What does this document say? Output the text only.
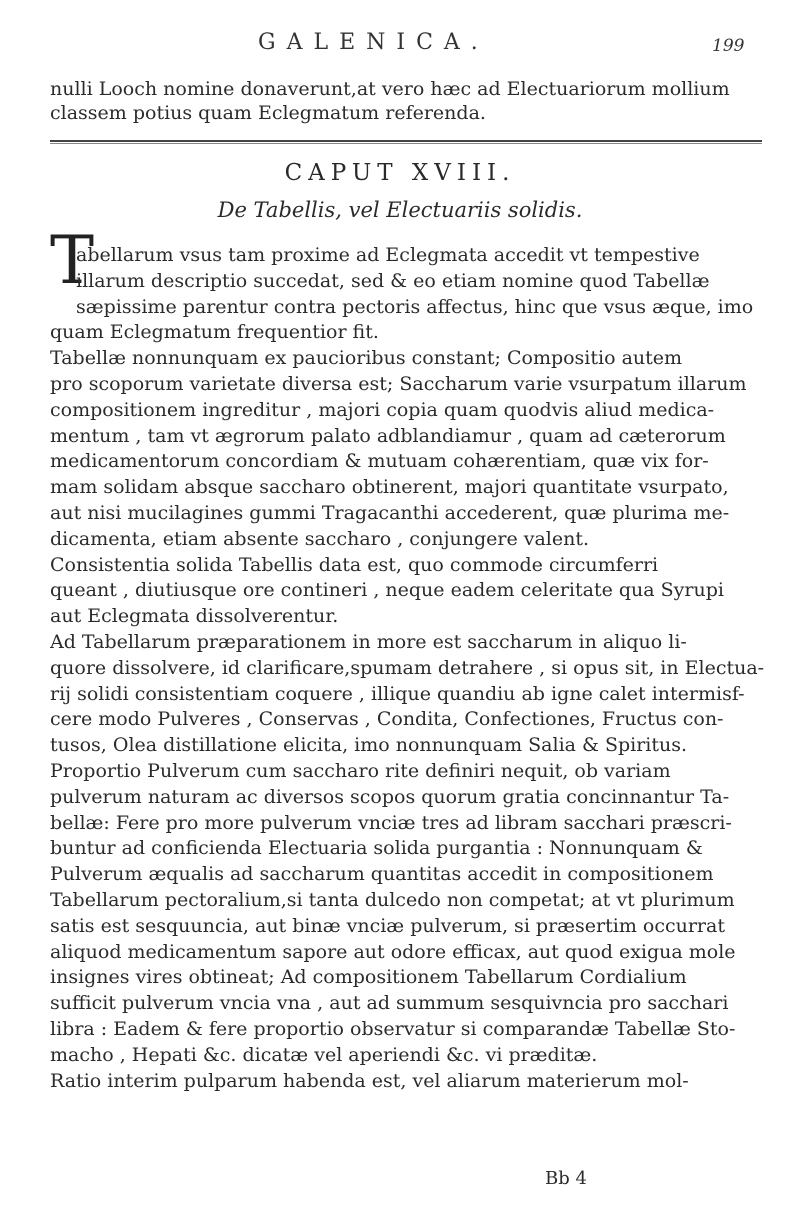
GALENICA.	199
nulli Looch nomine donaverunt,at vero hæc ad Electuariorum mollium
classem potius quam Eclegmatum referenda.
CAPUT XVIII.
De Tabellis, vel Electuariis solidis.
T
abellarum vsus tam proxime ad Eclegmata accedit vt tempestive
illarum descriptio succedat, sed & eo etiam nomine quod Tabellæ
sæpissime parentur contra pectoris affectus, hinc que vsus æque, imo
quam Eclegmatum frequentior fit.
Tabellæ nonnunquam ex paucioribus constant; Compositio autem
pro scoporum varietate diversa est; Saccharum varie vsurpatum illarum
compositionem ingreditur , majori copia quam quodvis aliud medica-
mentum , tam vt ægrorum palato adblandiamur , quam ad cæterorum
medicamentorum concordiam & mutuam cohærentiam, quæ vix for-
mam solidam absque saccharo obtinerent, majori quantitate vsurpato,
aut nisi mucilagines gummi Tragacanthi accederent, quæ plurima me-
dicamenta, etiam absente saccharo , conjungere valent.
Consistentia solida Tabellis data est, quo commode circumferri
queant , diutiusque ore contineri , neque eadem celeritate qua Syrupi
aut Eclegmata dissolverentur.
Ad Tabellarum præparationem in more est saccharum in aliquo li-
quore dissolvere, id clarificare,spumam detrahere , si opus sit, in Electua-
rij solidi consistentiam coquere , illique quandiu ab igne calet intermisf-
cere modo Pulveres , Conservas , Condita, Confectiones, Fructus con-
tusos, Olea distillatione elicita, imo nonnunquam Salia & Spiritus.
Proportio Pulverum cum saccharo rite definiri nequit, ob variam
pulverum naturam ac diversos scopos quorum gratia concinnantur Ta-
bellæ: Fere pro more pulverum vnciæ tres ad libram sacchari præscri-
buntur ad conficienda Electuaria solida purgantia : Nonnunquam &
Pulverum æqualis ad saccharum quantitas accedit in compositionem
Tabellarum pectoralium,si tanta dulcedo non competat; at vt plurimum
satis est sesquuncia, aut binæ vnciæ pulverum, si præsertim occurrat
aliquod medicamentum sapore aut odore efficax, aut quod exigua mole
insignes vires obtineat; Ad compositionem Tabellarum Cordialium
sufficit pulverum vncia vna , aut ad summum sesquivncia pro sacchari
libra : Eadem & fere proportio observatur si comparandæ Tabellæ Sto-
macho , Hepati &c. dicatæ vel aperiendi &c. vi præditæ.
Ratio interim pulparum habenda est, vel aliarum materierum mol-
Bb 4
